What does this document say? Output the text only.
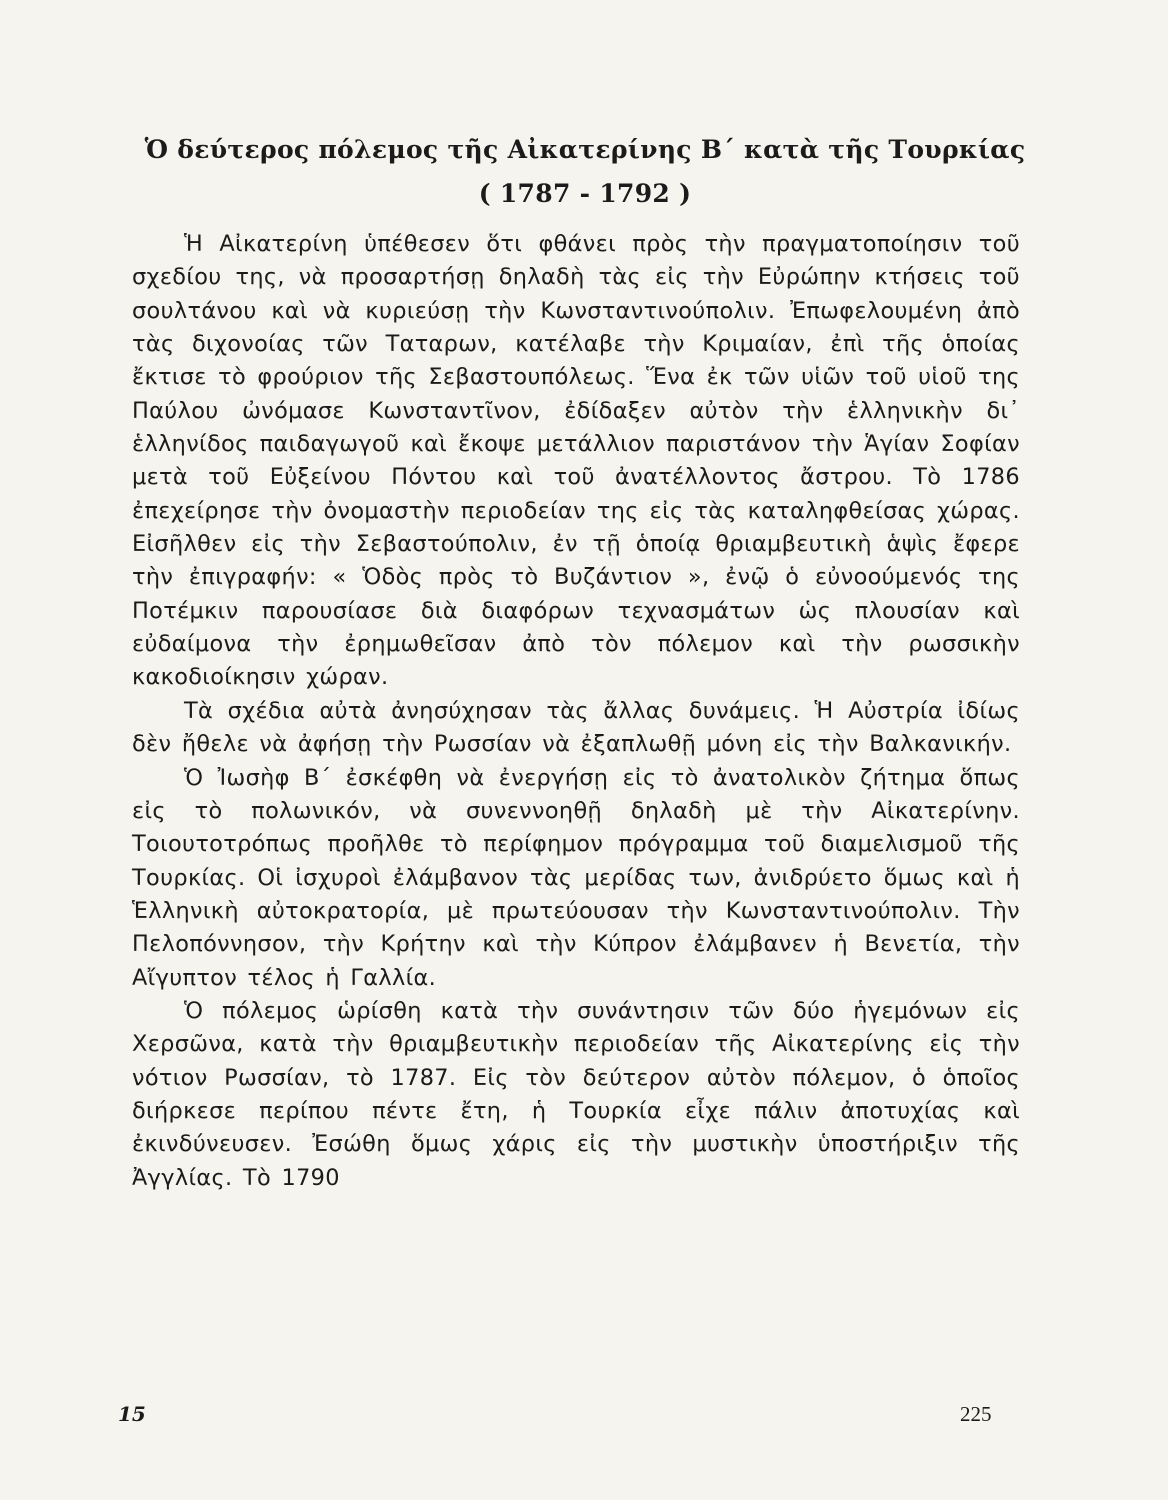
Ὁ δεύτερος πόλεμος τῆς Αἰκατερίνης Β΄ κατὰ τῆς Τουρκίας
( 1787 - 1792 )

Ἡ Αἰκατερίνη ὑπέθεσεν ὅτι φθάνει πρὸς τὴν πραγματοποίησιν τοῦ σχεδίου της, νὰ προσαρτήσῃ δηλαδὴ τὰς εἰς τὴν Εὐρώπην κτήσεις τοῦ σουλτάνου καὶ νὰ κυριεύσῃ τὴν Κωνσταντινούπολιν. Ἐπωφελουμένη ἀπὸ τὰς διχονοίας τῶν Ταταρων, κατέλαβε τὴν Κριμαίαν, ἐπὶ τῆς ὁποίας ἔκτισε τὸ φρούριον τῆς Σεβαστουπόλεως. Ἕνα ἐκ τῶν υἱῶν τοῦ υἱοῦ της Παύλου ὠνόμασε Κωνσταντῖνον, ἐδίδαξεν αὐτὸν τὴν ἑλληνικὴν δι᾽ ἑλληνίδος παιδαγωγοῦ καὶ ἔκοψε μετάλλιον παριστάνον τὴν Ἁγίαν Σοφίαν μετὰ τοῦ Εὐξείνου Πόντου καὶ τοῦ ἀνατέλλοντος ἄστρου. Τὸ 1786 ἐπεχείρησε τὴν ὀνομαστὴν περιοδείαν της εἰς τὰς καταληφθείσας χώρας. Εἰσῆλθεν εἰς τὴν Σεβαστούπολιν, ἐν τῇ ὁποίᾳ θριαμβευτικὴ ἁψὶς ἔφερε τὴν ἐπιγραφήν: « Ὁδὸς πρὸς τὸ Βυζάντιον », ἐνῷ ὁ εὐνοούμενός της Ποτέμκιν παρουσίασε διὰ διαφόρων τεχνασμάτων ὡς πλουσίαν καὶ εὐδαίμονα τὴν ἐρημωθεῖσαν ἀπὸ τὸν πόλεμον καὶ τὴν ρωσσικὴν κακοδιοίκησιν χώραν.

Τὰ σχέδια αὐτὰ ἀνησύχησαν τὰς ἄλλας δυνάμεις. Ἡ Αὐστρία ἰδίως δὲν ἤθελε νὰ ἀφήσῃ τὴν Ρωσσίαν νὰ ἐξαπλωθῇ μόνη εἰς τὴν Βαλκανικήν.

Ὁ Ἰωσὴφ Β΄ ἐσκέφθη νὰ ἐνεργήσῃ εἰς τὸ ἀνατολικὸν ζήτημα ὅπως εἰς τὸ πολωνικόν, νὰ συνεννοηθῇ δηλαδὴ μὲ τὴν Αἰκατερίνην. Τοιουτοτρόπως προῆλθε τὸ περίφημον πρόγραμμα τοῦ διαμελισμοῦ τῆς Τουρκίας. Οἱ ἰσχυροὶ ἐλάμβανον τὰς μερίδας των, ἀνιδρύετο ὅμως καὶ ἡ Ἑλληνικὴ αὐτοκρατορία, μὲ πρωτεύουσαν τὴν Κωνσταντινούπολιν. Τὴν Πελοπόννησον, τὴν Κρήτην καὶ τὴν Κύπρον ἐλάμβανεν ἡ Βενετία, τὴν Αἴγυπτον τέλος ἡ Γαλλία.

Ὁ πόλεμος ὡρίσθη κατὰ τὴν συνάντησιν τῶν δύο ἡγεμόνων εἰς Χερσῶνα, κατὰ τὴν θριαμβευτικὴν περιοδείαν τῆς Αἰκατερίνης εἰς τὴν νότιον Ρωσσίαν, τὸ 1787. Εἰς τὸν δεύτερον αὐτὸν πόλεμον, ὁ ὁποῖος διήρκεσε περίπου πέντε ἔτη, ἡ Τουρκία εἶχε πάλιν ἀποτυχίας καὶ ἐκινδύνευσεν. Ἐσώθη ὅμως χάρις εἰς τὴν μυστικὴν ὑποστήριξιν τῆς Ἀγγλίας. Τὸ 1790

15	225
